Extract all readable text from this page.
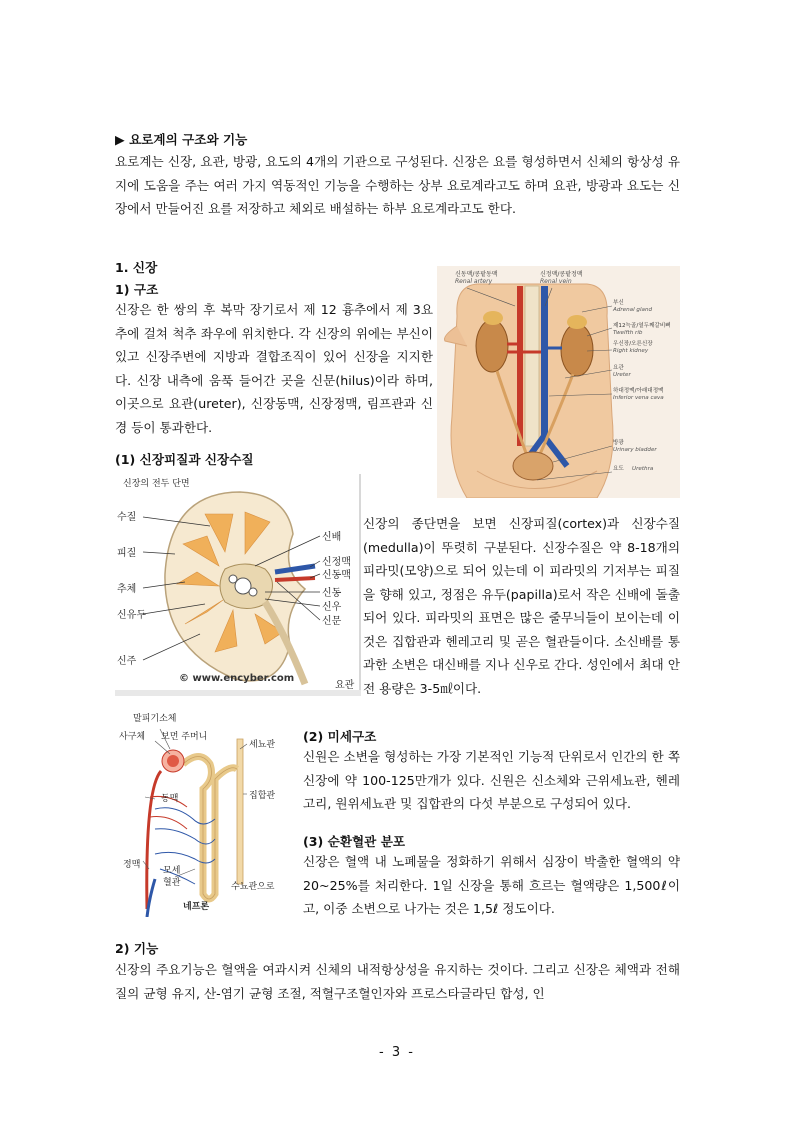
▶ 요로계의 구조와 기능
요로계는 신장, 요관, 방광, 요도의 4개의 기관으로 구성된다. 신장은 요를 형성하면서 신체의 항상성 유지에 도움을 주는 여러 가지 역동적인 기능을 수행하는 상부 요로계라고도 하며 요관, 방광과 요도는 신장에서 만들어진 요를 저장하고 체외로 배설하는 하부 요로계라고도 한다.
1. 신장
1) 구조
신장은 한 쌍의 후 복막 장기로서 제 12 흉추에서 제 3요추에 걸쳐 척추 좌우에 위치한다. 각 신장의 위에는 부신이 있고 신장주변에 지방과 결합조직이 있어 신장을 지지한다. 신장 내측에 움푹 들어간 곳을 신문(hilus)이라 하며, 이곳으로 요관(ureter), 신장동맥, 신장정맥, 림프관과 신경 등이 통과한다.
신동맥/콩팥동맥
Renal artery
신정맥/콩팥정맥
Renal vein
부신
Adrenal gland
제12늑골/열두째갈비뼈
Twelfth rib
우신장/오른신장
Right kidney
요관
Ureter
하대정맥/아래대정맥
Inferior vena cava
방광
Urinary bladder
요도 Urethra
(1) 신장피질과 신장수질
신장의 전두 단면
수질
피질
추체
신유두
신주
신배
신정맥
신동맥
신동
신우
신문
요관
© www.encyber.com
신장의 종단면을 보면 신장피질(cortex)과 신장수질(medulla)이 뚜렷히 구분된다. 신장수질은 약 8-18개의 피라밋(모양)으로 되어 있는데 이 피라밋의 기저부는 피질을 향해 있고, 정점은 유두(papilla)로서 작은 신배에 돌출되어 있다. 피라밋의 표면은 많은 줄무늬들이 보이는데 이것은 집합관과 헨레고리 및 곧은 혈관들이다. 소신배를 통과한 소변은 대신배를 지나 신우로 간다. 성인에서 최대 안전 용량은 3-5㎖이다.
말피기소체
사구체 보먼 주머니
세뇨관
동맥	집합관
정맥
모세
혈관	수뇨관으로
네프론
(2) 미세구조
신원은 소변을 형성하는 가장 기본적인 기능적 단위로서 인간의 한 쪽 신장에 약 100-125만개가 있다. 신원은 신소체와 근위세뇨관, 헨레고리, 원위세뇨관 및 집합관의 다섯 부분으로 구성되어 있다.
(3) 순환혈관 분포
신장은 혈액 내 노폐물을 정화하기 위해서 심장이 박출한 혈액의 약 20~25%를 처리한다. 1일 신장을 통해 흐르는 혈액량은 1,500ℓ이고, 이중 소변으로 나가는 것은 1,5ℓ 정도이다.
2) 기능
신장의 주요기능은 혈액을 여과시켜 신체의 내적항상성을 유지하는 것이다. 그리고 신장은 체액과 전해질의 균형 유지, 산-염기 균형 조절, 적혈구조혈인자와 프로스타글라딘 합성, 인
- 3 -
